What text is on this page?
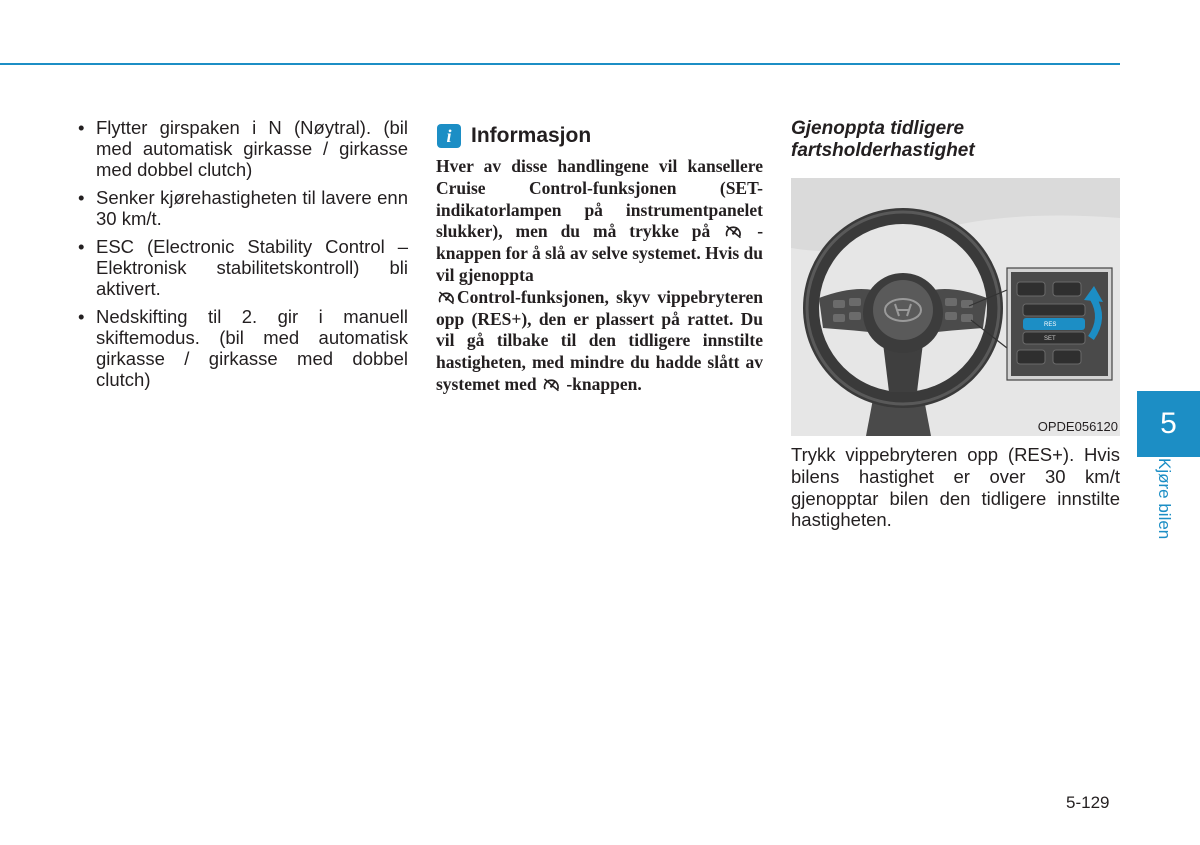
• Flytter girspaken i N (Nøytral). (bil med automatisk girkasse / girkasse med dobbel clutch)
• Senker kjørehastigheten til lavere enn 30 km/t.
• ESC (Electronic Stability Control – Elektronisk stabilitetskontroll) bli aktivert.
• Nedskifting til 2. gir i manuell skiftemodus. (bil med automatisk girkasse / girkasse med dobbel clutch)
i Informasjon

Hver av disse handlingene vil kansellere Cruise Control-funksjonen (SET-indikatorlampen på instrumentpanelet slukker), men du må trykke på	-knappen for å slå av selve systemet. Hvis du vil gjenoppta

Control-funksjonen, skyv vippebryteren opp (RES+), den er plassert på rattet. Du vil gå tilbake til den tidligere innstilte hastigheten, med mindre du hadde slått av systemet med -knappen.

Gjenoppta tidligere fartsholderhastighet
RES
SET
OPDE056120

Trykk vippebryteren opp (RES+). Hvis bilens hastighet er over 30 km/t gjenopptar bilen den tidligere innstilte hastigheten.

5
Kjøre bilen
5-129
